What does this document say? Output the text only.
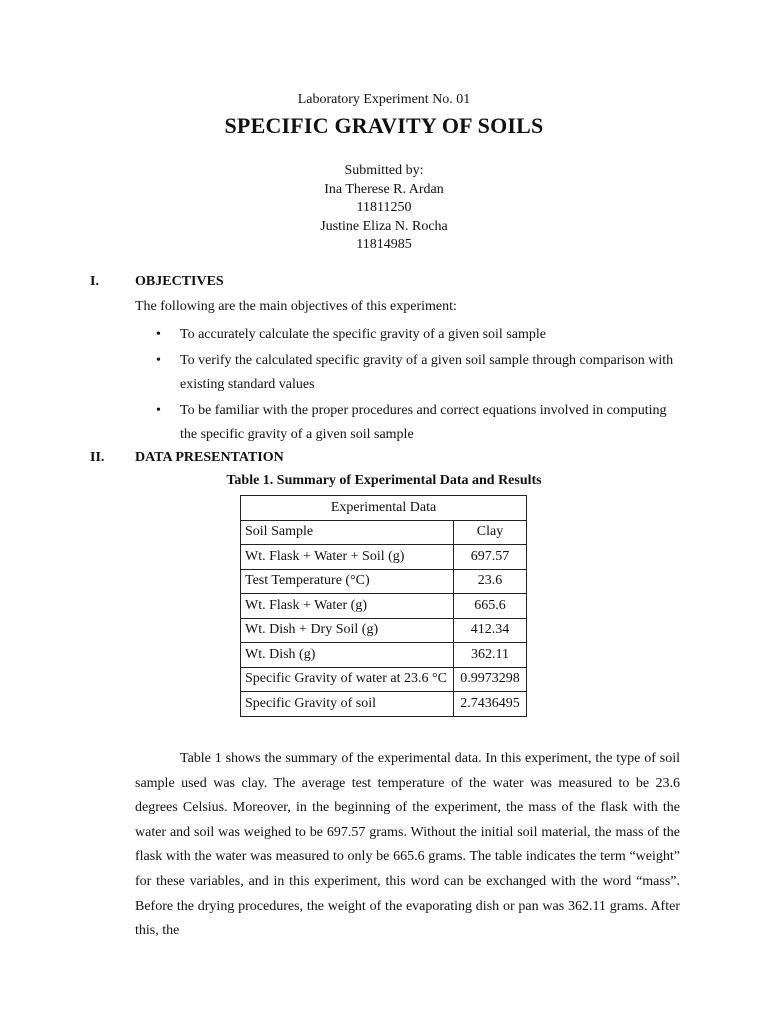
Laboratory Experiment No. 01
SPECIFIC GRAVITY OF SOILS
Submitted by:
Ina Therese R. Ardan
11811250
Justine Eliza N. Rocha
11814985
I.	OBJECTIVES
The following are the main objectives of this experiment:
• To accurately calculate the specific gravity of a given soil sample
• To verify the calculated specific gravity of a given soil sample through comparison with existing standard values
• To be familiar with the proper procedures and correct equations involved in computing the specific gravity of a given soil sample
II. DATA PRESENTATION
Table 1. Summary of Experimental Data and Results
Experimental Data	
Soil Sample	Clay
Wt. Flask + Water + Soil (g)	697.57
Test Temperature (°C)	23.6
Wt. Flask + Water (g)	665.6
Wt. Dish + Dry Soil (g)	412.34
Wt. Dish (g)	362.11
Specific Gravity of water at 23.6 °C	0.9973298
Specific Gravity of soil	2.7436495
Table 1 shows the summary of the experimental data. In this experiment, the type of soil sample used was clay. The average test temperature of the water was measured to be 23.6 degrees Celsius. Moreover, in the beginning of the experiment, the mass of the flask with the water and soil was weighed to be 697.57 grams. Without the initial soil material, the mass of the flask with the water was measured to only be 665.6 grams. The table indicates the term “weight” for these variables, and in this experiment, this word can be exchanged with the word “mass”. Before the drying procedures, the weight of the evaporating dish or pan was 362.11 grams. After this, the
